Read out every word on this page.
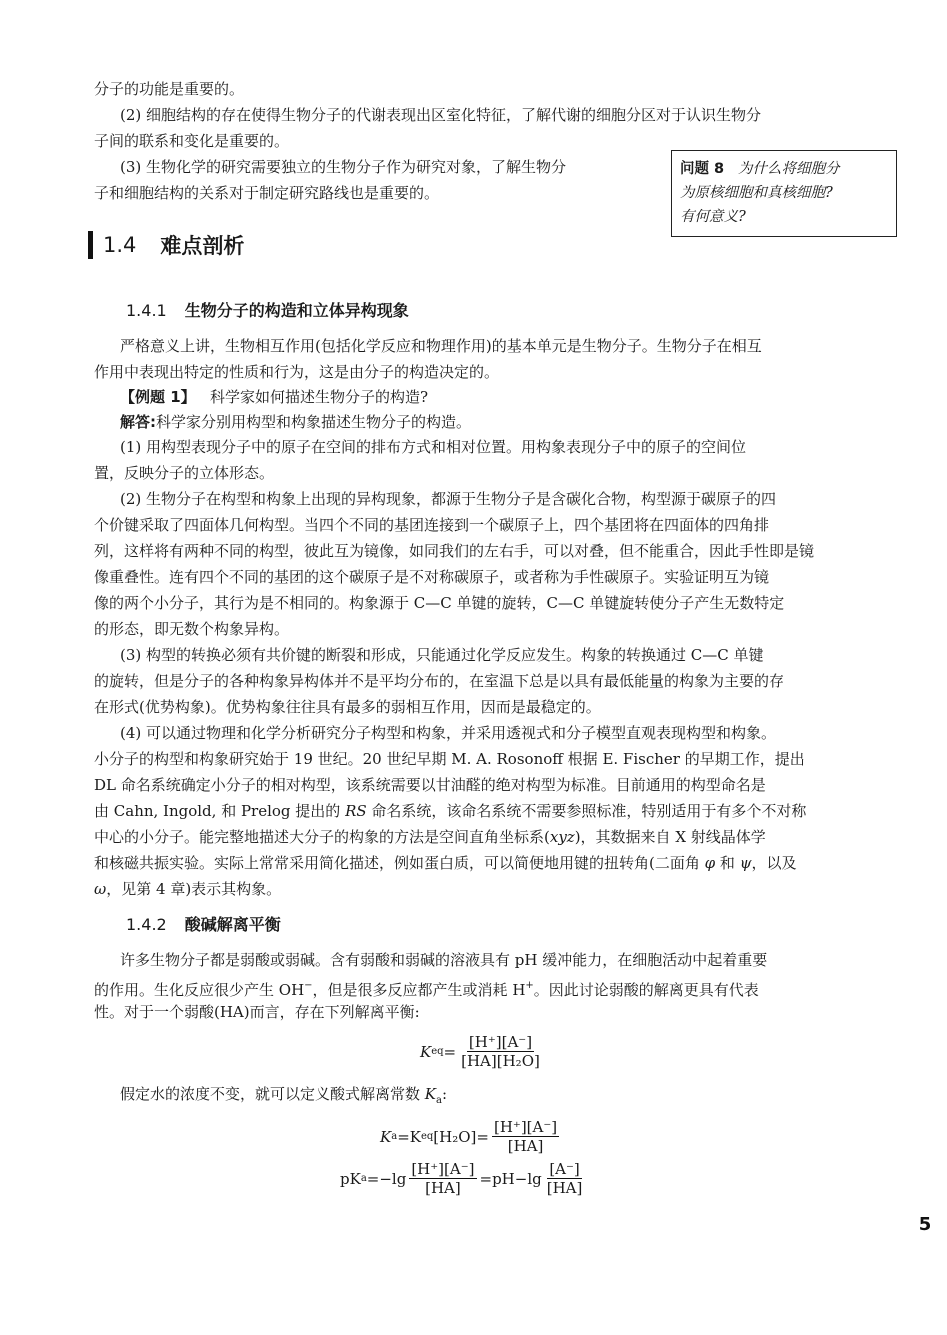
分子的功能是重要的。
(2) 细胞结构的存在使得生物分子的代谢表现出区室化特征，了解代谢的细胞分区对于认识生物分
子间的联系和变化是重要的。
(3) 生物化学的研究需要独立的生物分子作为研究对象，了解生物分
子和细胞结构的关系对于制定研究路线也是重要的。
问题 8 为什么将细胞分
为原核细胞和真核细胞?
有何意义?
1.4 难点剖析
1.4.1 生物分子的构造和立体异构现象
严格意义上讲，生物相互作用(包括化学反应和物理作用)的基本单元是生物分子。生物分子在相互
作用中表现出特定的性质和行为，这是由分子的构造决定的。
【例题 1】 科学家如何描述生物分子的构造?
解答:科学家分别用构型和构象描述生物分子的构造。
(1) 用构型表现分子中的原子在空间的排布方式和相对位置。用构象表现分子中的原子的空间位
置，反映分子的立体形态。
(2) 生物分子在构型和构象上出现的异构现象，都源于生物分子是含碳化合物，构型源于碳原子的四
个价键采取了四面体几何构型。当四个不同的基团连接到一个碳原子上，四个基团将在四面体的四角排
列，这样将有两种不同的构型，彼此互为镜像，如同我们的左右手，可以对叠，但不能重合，因此手性即是镜
像重叠性。连有四个不同的基团的这个碳原子是不对称碳原子，或者称为手性碳原子。实验证明互为镜
像的两个小分子，其行为是不相同的。构象源于 C—C 单键的旋转，C—C 单键旋转使分子产生无数特定
的形态，即无数个构象异构。
(3) 构型的转换必须有共价键的断裂和形成，只能通过化学反应发生。构象的转换通过 C—C 单键
的旋转，但是分子的各种构象异构体并不是平均分布的，在室温下总是以具有最低能量的构象为主要的存
在形式(优势构象)。优势构象往往具有最多的弱相互作用，因而是最稳定的。
(4) 可以通过物理和化学分析研究分子构型和构象，并采用透视式和分子模型直观表现构型和构象。
小分子的构型和构象研究始于 19 世纪。20 世纪早期 M. A. Rosonoff 根据 E. Fischer 的早期工作，提出
DL 命名系统确定小分子的相对构型，该系统需要以甘油醛的绝对构型为标准。目前通用的构型命名是
由 Cahn, Ingold, 和 Prelog 提出的 RS 命名系统，该命名系统不需要参照标准，特别适用于有多个不对称
中心的小分子。能完整地描述大分子的构象的方法是空间直角坐标系(xyz)，其数据来自 X 射线晶体学
和核磁共振实验。实际上常常采用简化描述，例如蛋白质，可以简便地用键的扭转角(二面角 φ 和 ψ，以及
ω，见第 4 章)表示其构象。
1.4.2 酸碱解离平衡
许多生物分子都是弱酸或弱碱。含有弱酸和弱碱的溶液具有 pH 缓冲能力，在细胞活动中起着重要
的作用。生化反应很少产生 OH−，但是很多反应都产生或消耗 H+。因此讨论弱酸的解离更具有代表
性。对于一个弱酸(HA)而言，存在下列解离平衡:
K eq = $\frac{[H^+][A^-]}{\text{[HA][H₂O]}}$
假定水的浓度不变，就可以定义酸式解离常数 $K_a$:
K a =K eq $[H_2O]= \frac{[H^+][A^-]}{[HA]}$
pK $a =-\lg \frac{[H^+][A^-]}{[HA]} =pH-\lg \frac{[A^-]}{[HA]}$
5
